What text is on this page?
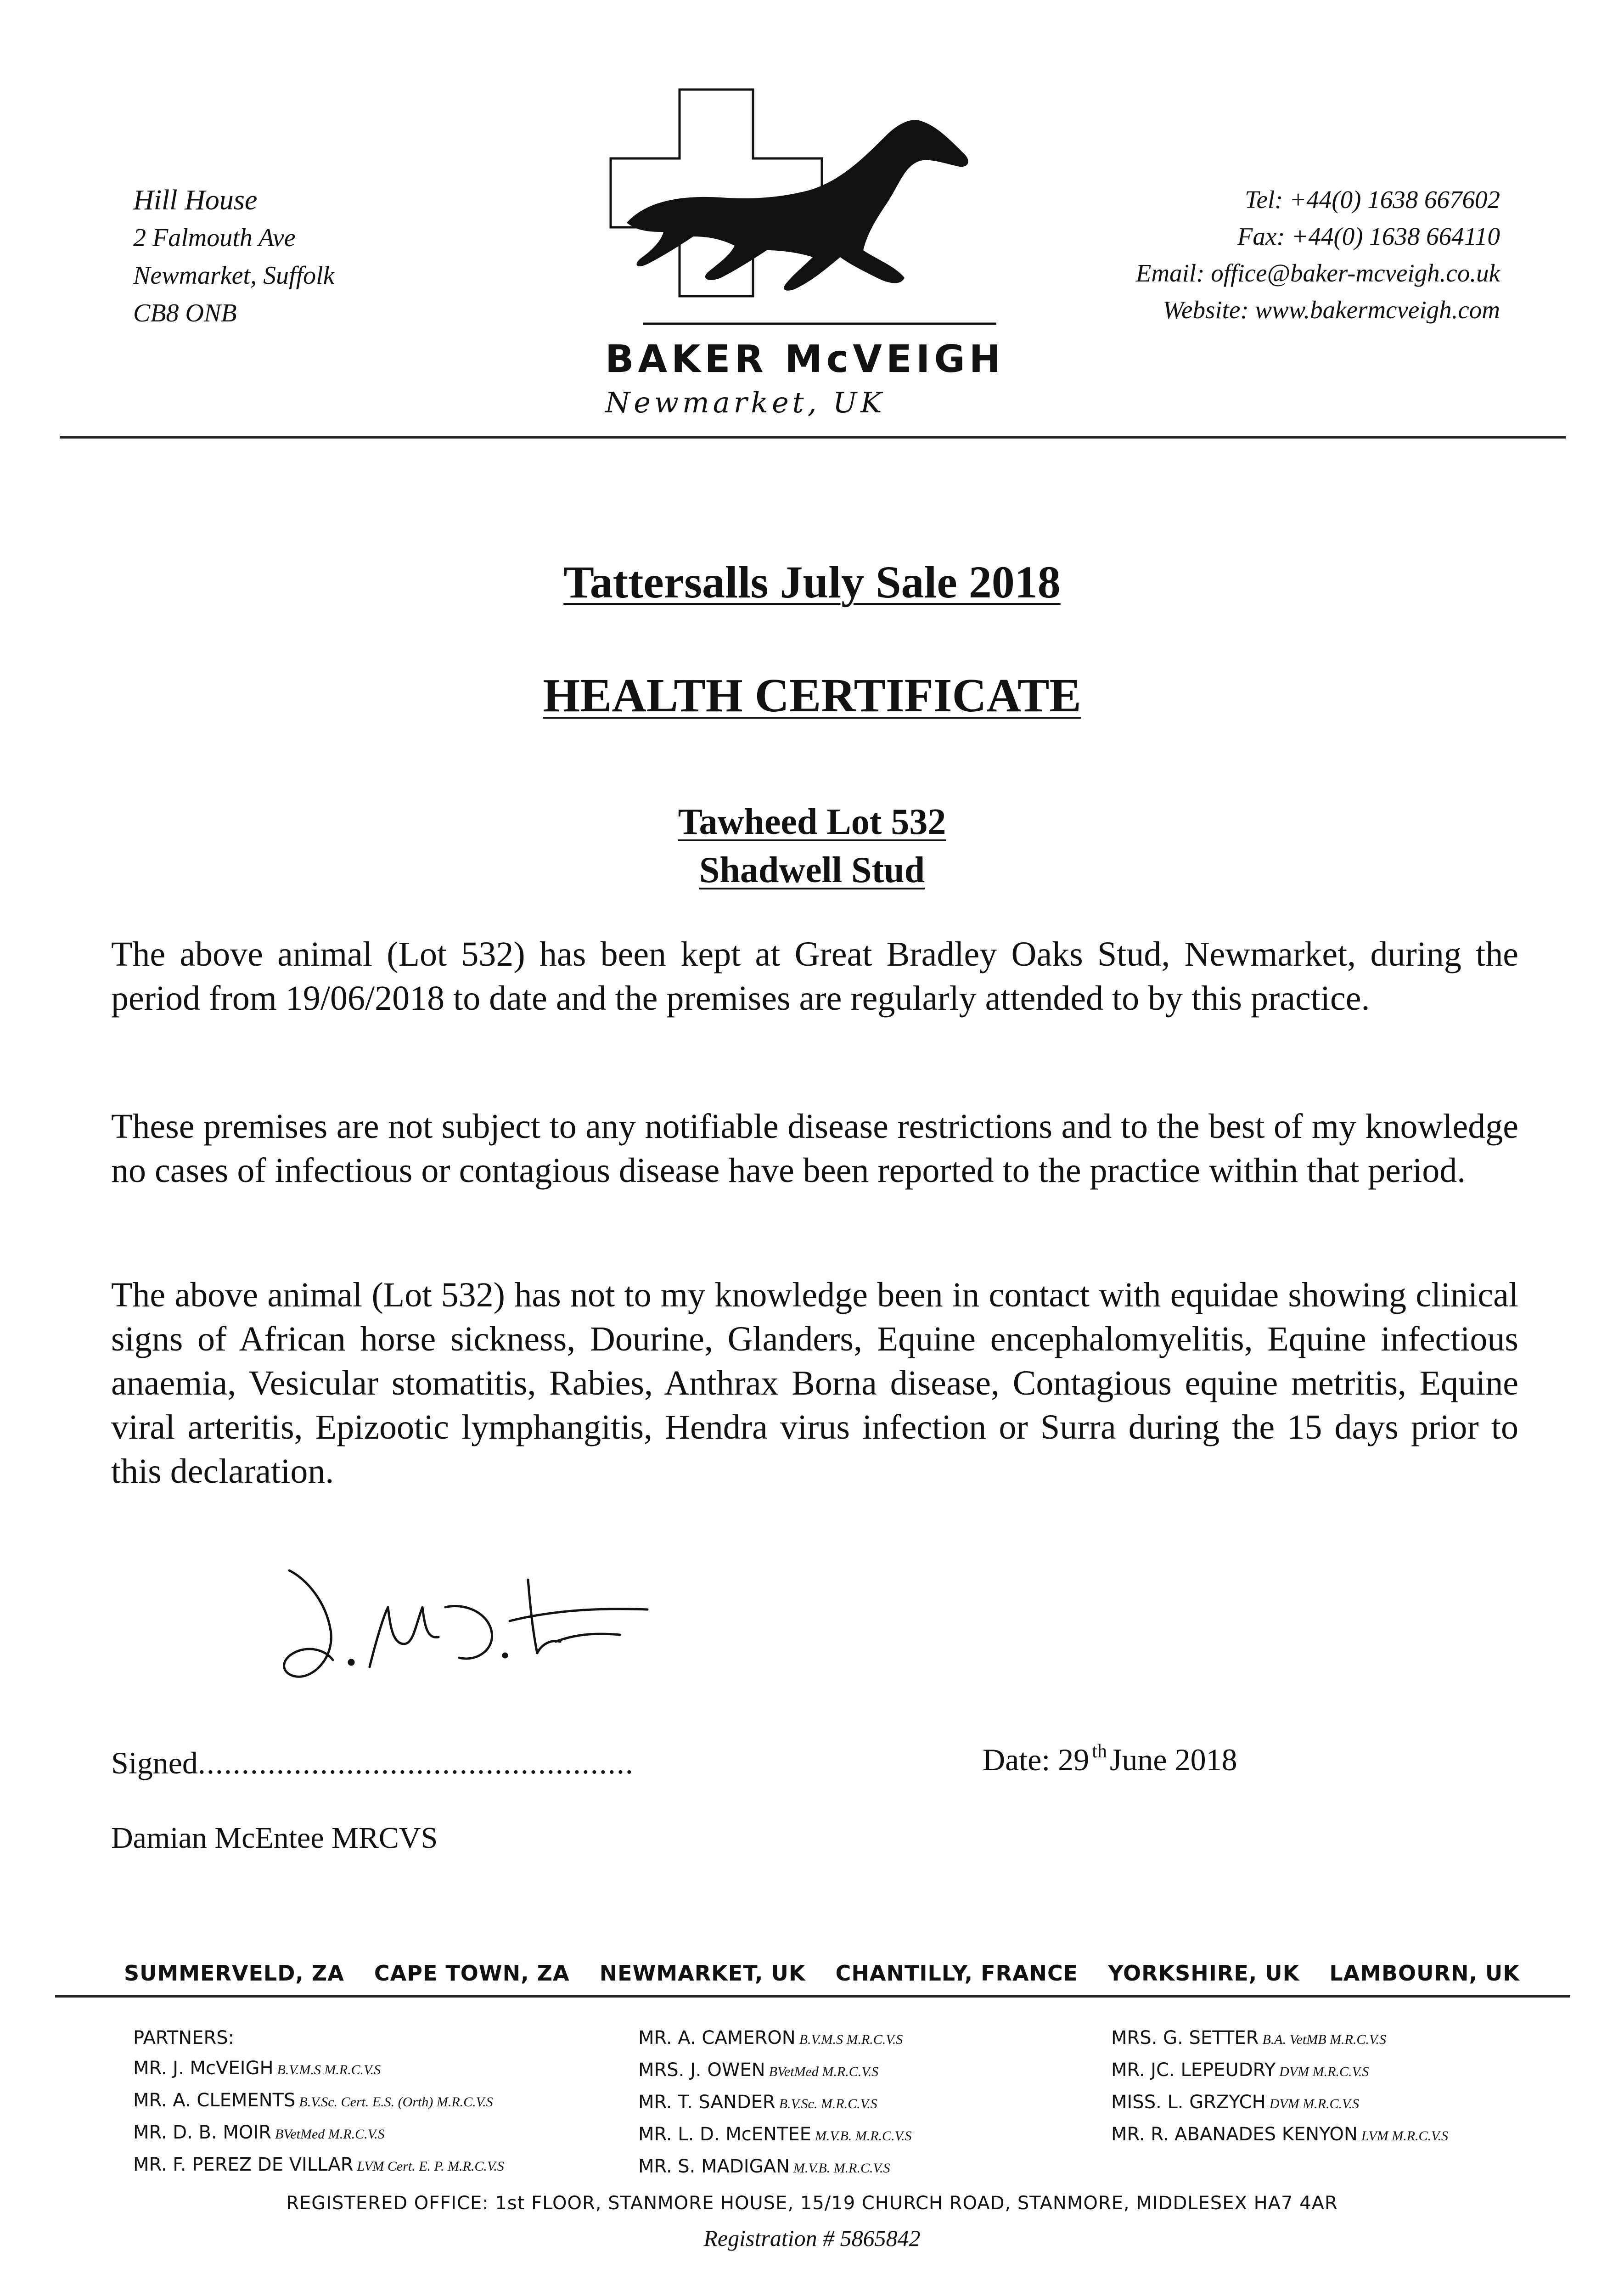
Hill House
2 Falmouth Ave
Newmarket, Suffolk
CB8 ONB
BAKER McVEIGH
Newmarket, UK
Tel: +44(0) 1638 667602
Fax: +44(0) 1638 664110
Email: office@baker-mcveigh.co.uk
Website: www.bakermcveigh.com
Tattersalls July Sale 2018
HEALTH CERTIFICATE
Tawheed Lot 532
Shadwell Stud
The above animal (Lot 532) has been kept at Great Bradley Oaks Stud, Newmarket, during the period from 19/06/2018 to date and the premises are regularly attended to by this practice.
These premises are not subject to any notifiable disease restrictions and to the best of my knowledge no cases of infectious or contagious disease have been reported to the practice within that period.
The above animal (Lot 532) has not to my knowledge been in contact with equidae showing clinical signs of African horse sickness, Dourine, Glanders, Equine encephalomyelitis, Equine infectious anaemia, Vesicular stomatitis, Rabies, Anthrax Borna disease, Contagious equine metritis, Equine viral arteritis, Epizootic lymphangitis, Hendra virus infection or Surra during the 15 days prior to this declaration.
Signed..................................................	Date: 29 $^{th}$June 2018
Damian McEntee MRCVS
SUMMERVELD, ZA CAPE TOWN, ZA NEWMARKET, UK CHANTILLY, FRANCE YORKSHIRE, UK LAMBOURN, UK
PARTNERS:
MR. J. McVEIGH B.V.M.S M.R.C.V.S
MR. A. CLEMENTS B.V.Sc. Cert. E.S. (Orth) M.R.C.V.S
MR. D. B. MOIR BVetMed M.R.C.V.S
MR. F. PEREZ DE VILLAR LVM Cert. E. P. M.R.C.V.S
MR. A. CAMERON B.V.M.S M.R.C.V.S
MRS. J. OWEN BVetMed M.R.C.V.S
MR. T. SANDER B.V.Sc. M.R.C.V.S
MR. L. D. McENTEE M.V.B. M.R.C.V.S
MR. S. MADIGAN M.V.B. M.R.C.V.S
MRS. G. SETTER B.A. VetMB M.R.C.V.S
MR. JC. LEPEUDRY DVM M.R.C.V.S
MISS. L. GRZYCH DVM M.R.C.V.S
MR. R. ABANADES KENYON LVM M.R.C.V.S
REGISTERED OFFICE: 1st FLOOR, STANMORE HOUSE, 15/19 CHURCH ROAD, STANMORE, MIDDLESEX HA7 4AR
Registration # 5865842
